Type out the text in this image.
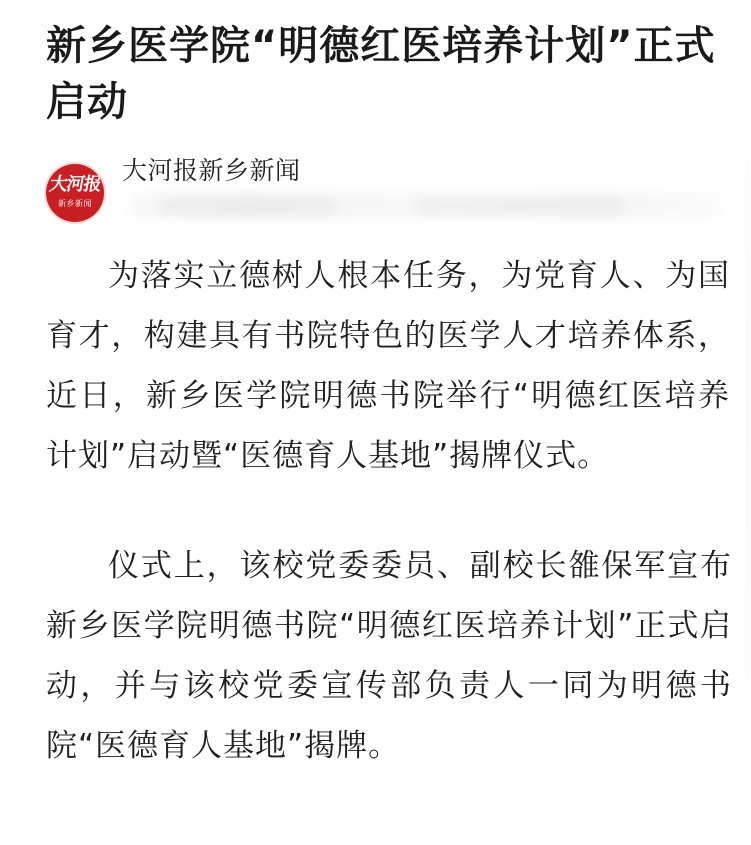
新乡医学院“明德红医培养计划”正式启动
大河报
新乡新闻
大河报新乡新闻

为落实立德树人根本任务，为党育人、为国育才，构建具有书院特色的医学人才培养体系，近日，新乡医学院明德书院举行“明德红医培养计划”启动暨“医德育人基地”揭牌仪式。

仪式上，该校党委委员、副校长雒保军宣布新乡医学院明德书院“明德红医培养计划”正式启动，并与该校党委宣传部负责人一同为明德书院“医德育人基地”揭牌。
